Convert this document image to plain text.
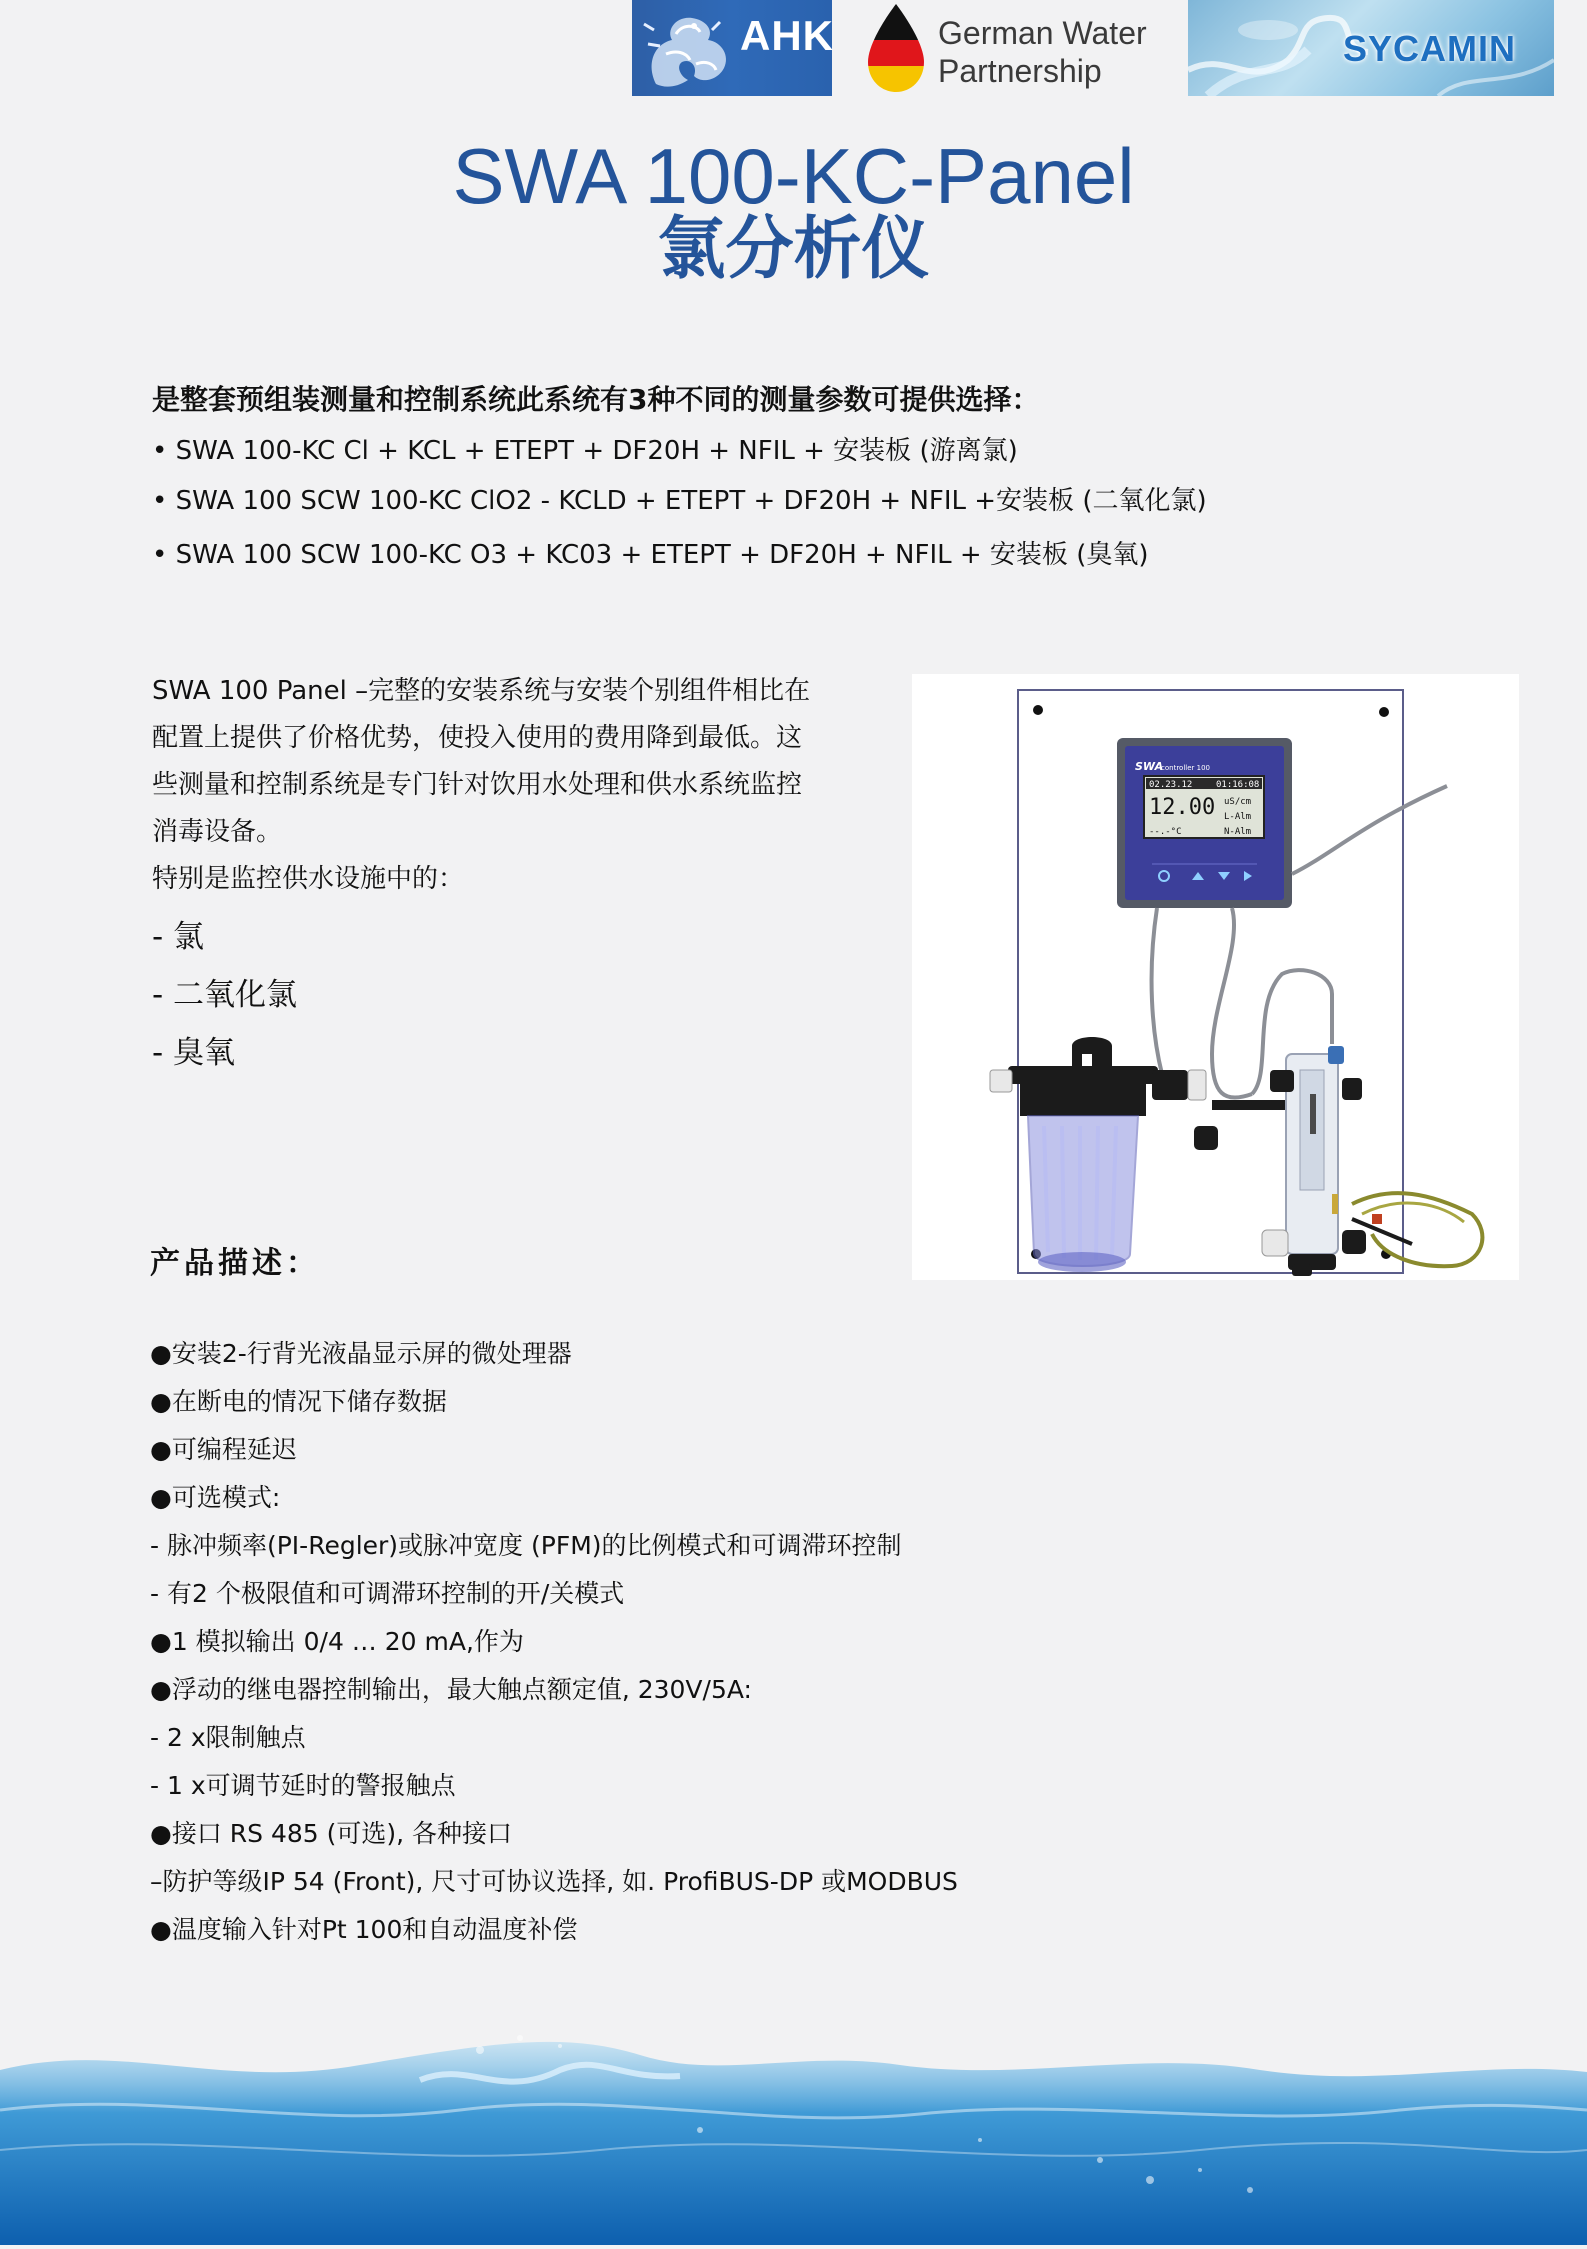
AHK	German Water Partnership
SYCAMIN
SWA 100-KC-Panel
氯分析仪
是整套预组装测量和控制系统此系统有3种不同的测量参数可提供选择：
• SWA 100-KC Cl + KCL + ETEPT + DF20H + NFIL + 安装板 (游离氯)
• SWA 100 SCW 100-KC ClO2 - KCLD + ETEPT + DF20H + NFIL +安装板 (二氧化氯)
• SWA 100 SCW 100-KC O3 + KC03 + ETEPT + DF20H + NFIL + 安装板 (臭氧)

SWA 100 Panel –完整的安装系统与安装个别组件相比在

配置上提供了价格优势，使投入使用的费用降到最低。这

些测量和控制系统是专门针对饮用水处理和供水系统监控

消毒设备。

特别是监控供水设施中的：

- 氯
- 二氧化氯
- 臭氧
SWA
controller 100
02.23.12	01:16:08
12.00 uS/cm
L-Alm
--.-°C	N-Alm
产品描述：
●安装2-行背光液晶显示屏的微处理器
●在断电的情况下储存数据
●可编程延迟
●可选模式:
- 脉冲频率(PI-Regler)或脉冲宽度 (PFM)的比例模式和可调滞环控制
- 有2 个极限值和可调滞环控制的开/关模式
●1 模拟输出 0/4 … 20 mA,作为
●浮动的继电器控制输出，最大触点额定值, 230V/5A:
- 2 x限制触点
- 1 x可调节延时的警报触点
●接口 RS 485 (可选), 各种接口
–防护等级IP 54 (Front), 尺寸可协议选择, 如. ProfiBUS-DP 或MODBUS
●温度输入针对Pt 100和自动温度补偿
